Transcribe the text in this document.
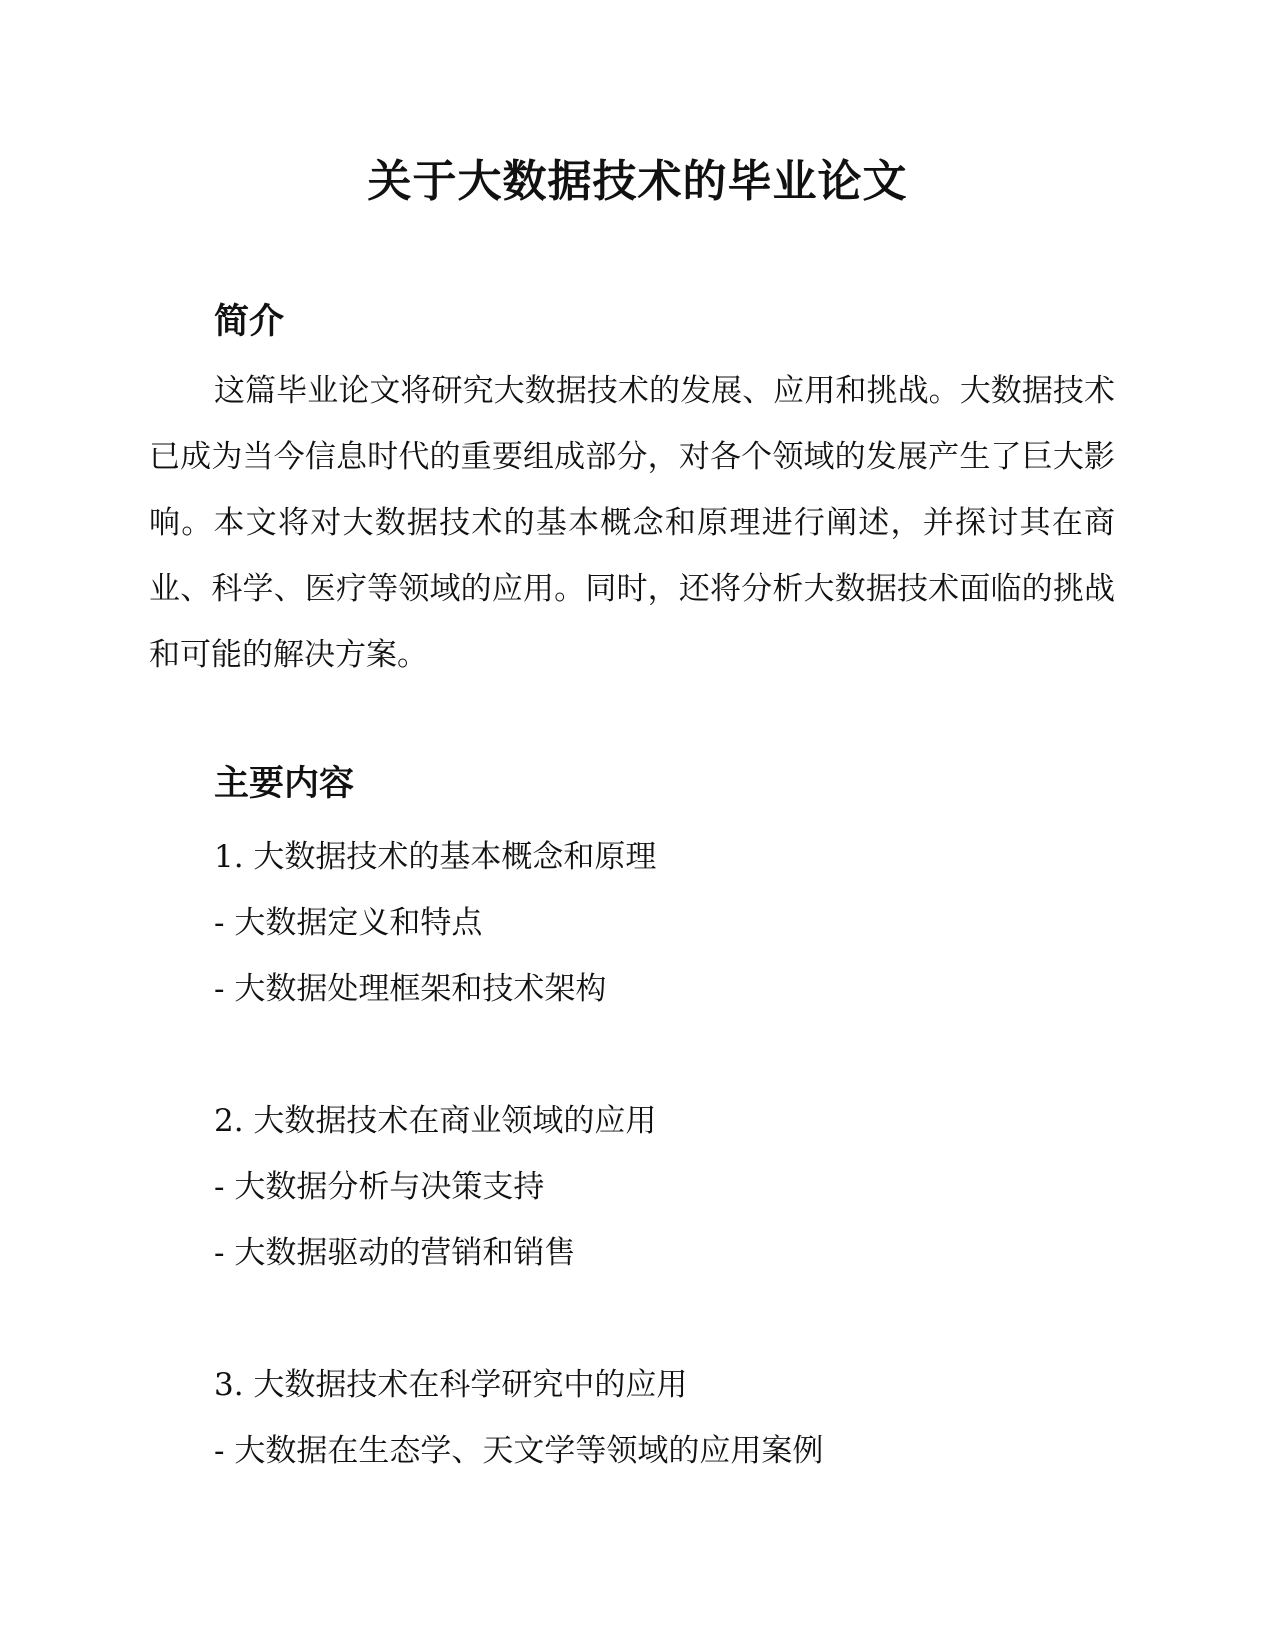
关于大数据技术的毕业论文
简介

这篇毕业论文将研究大数据技术的发展、应用和挑战。大数据技术已成为当今信息时代的重要组成部分，对各个领域的发展产生了巨大影响。本文将对大数据技术的基本概念和原理进行阐述，并探讨其在商业、科学、医疗等领域的应用。同时，还将分析大数据技术面临的挑战和可能的解决方案。

主要内容
1. 大数据技术的基本概念和原理
- 大数据定义和特点
- 大数据处理框架和技术架构
2. 大数据技术在商业领域的应用
- 大数据分析与决策支持
- 大数据驱动的营销和销售
3. 大数据技术在科学研究中的应用
- 大数据在生态学、天文学等领域的应用案例
